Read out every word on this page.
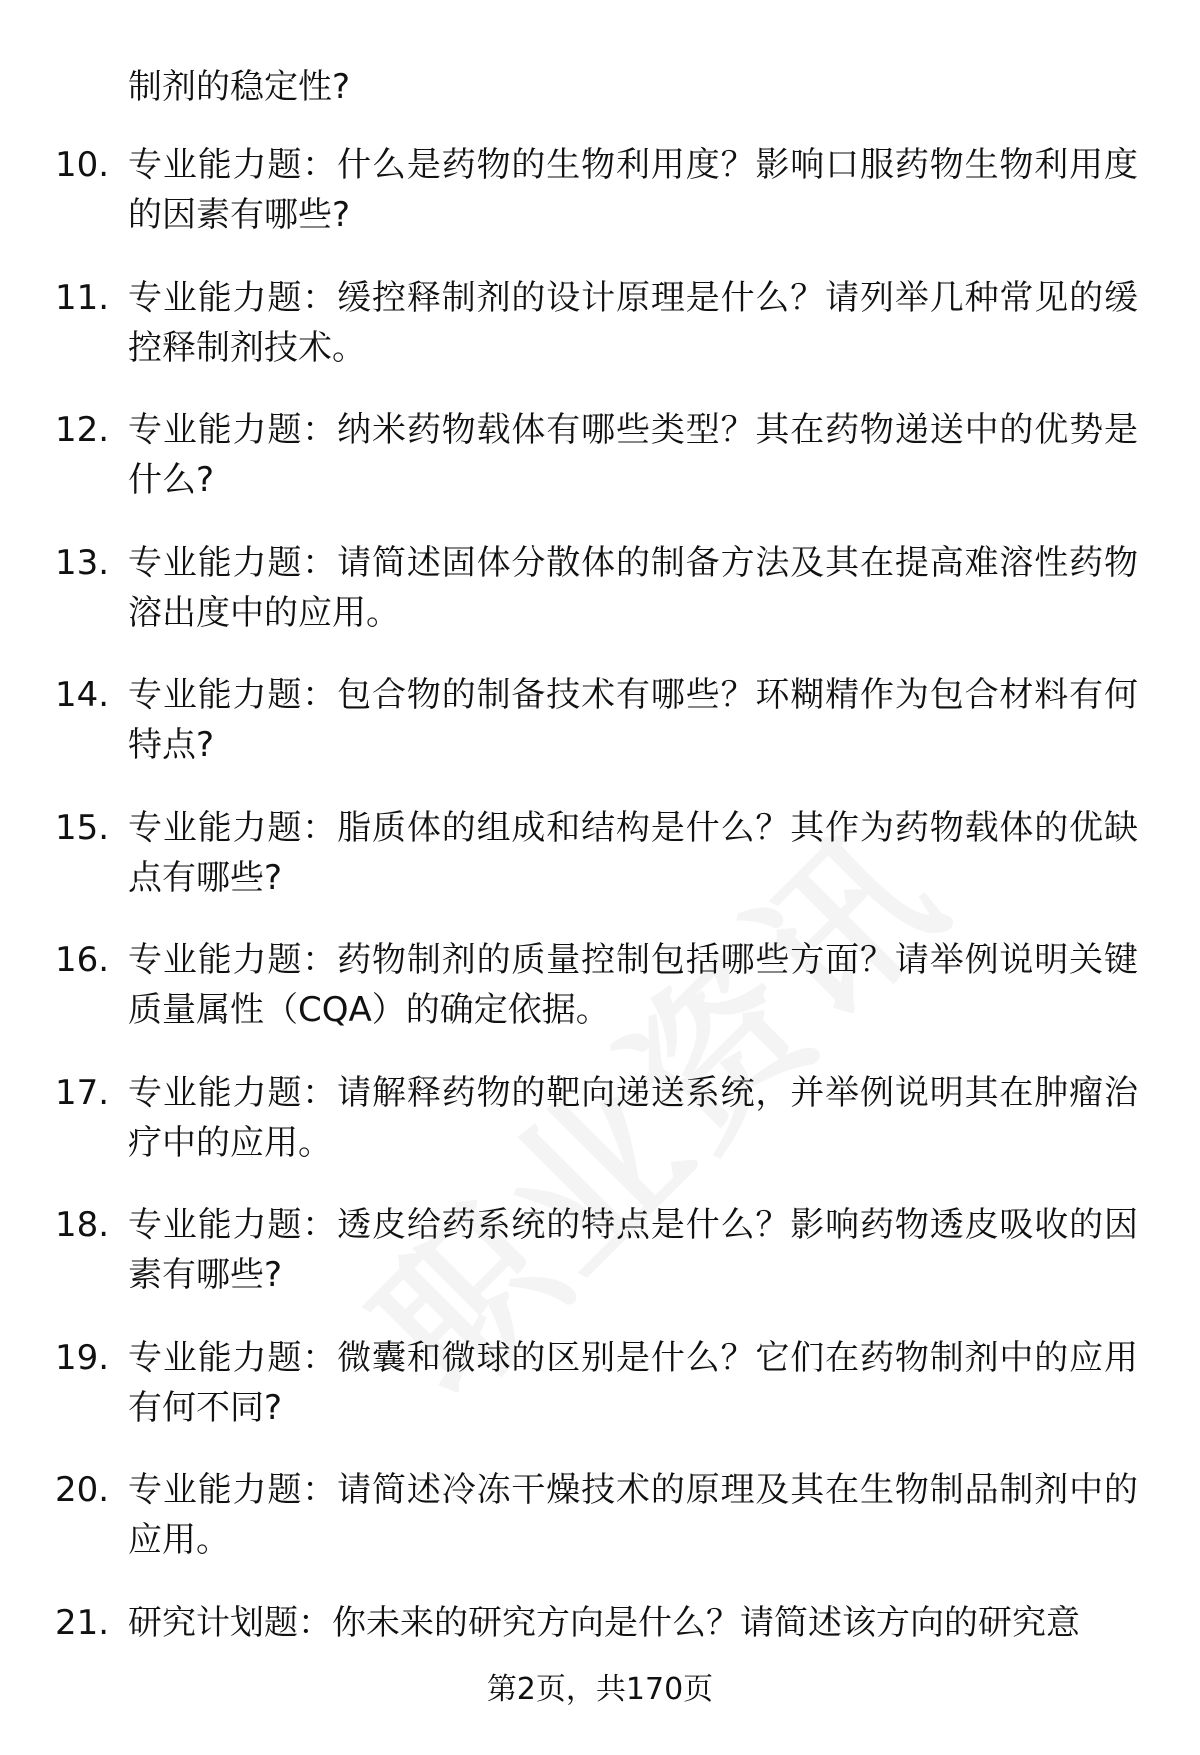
制剂的稳定性?
10. 专业能力题：什么是药物的生物利用度？影响口服药物生物利用度的因素有哪些?
11. 专业能力题：缓控释制剂的设计原理是什么？请列举几种常见的缓控释制剂技术。
12. 专业能力题：纳米药物载体有哪些类型？其在药物递送中的优势是什么?
13. 专业能力题：请简述固体分散体的制备方法及其在提高难溶性药物溶出度中的应用。
14. 专业能力题：包合物的制备技术有哪些？环糊精作为包合材料有何特点?
15. 专业能力题：脂质体的组成和结构是什么？其作为药物载体的优缺点有哪些?
16. 专业能力题：药物制剂的质量控制包括哪些方面？请举例说明关键质量属性（CQA）的确定依据。
17. 专业能力题：请解释药物的靶向递送系统，并举例说明其在肿瘤治疗中的应用。
18. 专业能力题：透皮给药系统的特点是什么？影响药物透皮吸收的因素有哪些?
19. 专业能力题：微囊和微球的区别是什么？它们在药物制剂中的应用有何不同?
20. 专业能力题：请简述冷冻干燥技术的原理及其在生物制品制剂中的应用。
21. 研究计划题：你未来的研究方向是什么？请简述该方向的研究意
第2页，共170页
